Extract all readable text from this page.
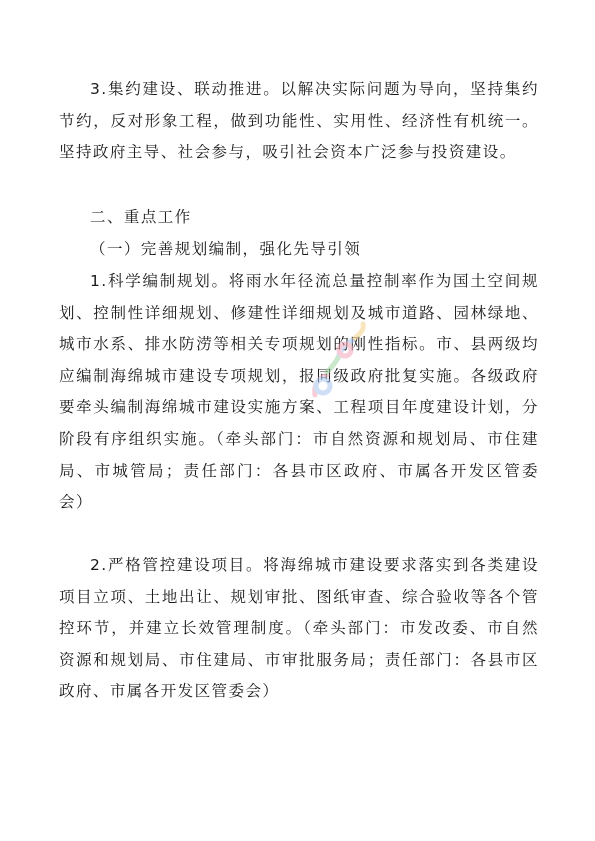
3.集约建设、联动推进。以解决实际问题为导向，坚持集约节约，反对形象工程，做到功能性、实用性、经济性有机统一。坚持政府主导、社会参与，吸引社会资本广泛参与投资建设。

二、重点工作

（一）完善规划编制，强化先导引领

1.科学编制规划。将雨水年径流总量控制率作为国土空间规划、控制性详细规划、修建性详细规划及城市道路、园林绿地、城市水系、排水防涝等相关专项规划的刚性指标。市、县两级均应编制海绵城市建设专项规划，报同级政府批复实施。各级政府要牵头编制海绵城市建设实施方案、工程项目年度建设计划，分阶段有序组织实施。（牵头部门：市自然资源和规划局、市住建局、市城管局；责任部门：各县市区政府、市属各开发区管委会）

2.严格管控建设项目。将海绵城市建设要求落实到各类建设项目立项、土地出让、规划审批、图纸审查、综合验收等各个管控环节，并建立长效管理制度。（牵头部门：市发改委、市自然资源和规划局、市住建局、市审批服务局；责任部门：各县市区政府、市属各开发区管委会）
